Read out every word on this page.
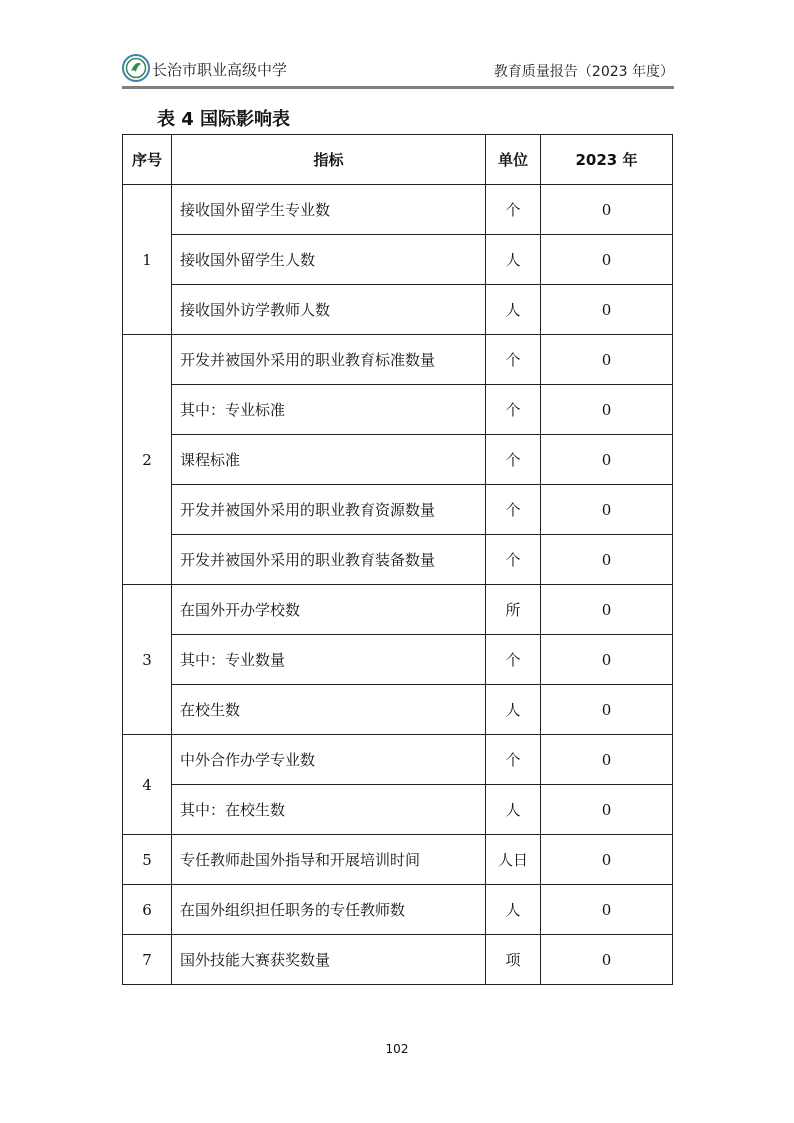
长治市职业高级中学	教育质量报告（2023 年度）
表 4 国际影响表
序号	指标	单位	2023 年
1	接收国外留学生专业数	个	0
	接收国外留学生人数	人	0
	接收国外访学教师人数	人	0
2	开发并被国外采用的职业教育标准数量	个	0
	其中：专业标准	个	0
	课程标准	个	0
	开发并被国外采用的职业教育资源数量	个	0
	开发并被国外采用的职业教育装备数量	个	0
3	在国外开办学校数	所	0
	其中：专业数量	个	0
	在校生数	人	0
4	中外合作办学专业数	个	0
	其中：在校生数	人	0
5	专任教师赴国外指导和开展培训时间	人日	0
6	在国外组织担任职务的专任教师数	人	0
7	国外技能大赛获奖数量	项	0
102
